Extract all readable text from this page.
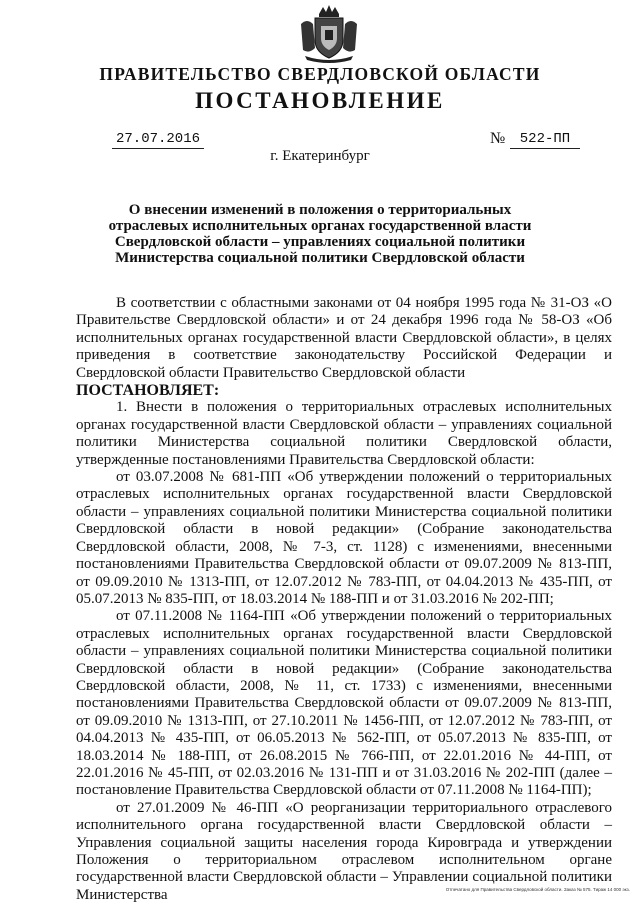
ПРАВИТЕЛЬСТВО СВЕРДЛОВСКОЙ ОБЛАСТИ
ПОСТАНОВЛЕНИЕ
27.07.2016	№	522-ПП
г. Екатеринбург
О внесении изменений в положения о территориальных отраслевых исполнительных органах государственной власти Свердловской области – управлениях социальной политики Министерства социальной политики Свердловской области

В соответствии с областными законами от 04 ноября 1995 года № 31-ОЗ «О Правительстве Свердловской области» и от 24 декабря 1996 года № 58-ОЗ «Об исполнительных органах государственной власти Свердловской области», в целях приведения в соответствие законодательству Российской Федерации и Свердловской области Правительство Свердловской области

ПОСТАНОВЛЯЕТ:

1. Внести в положения о территориальных отраслевых исполнительных органах государственной власти Свердловской области – управлениях социальной политики Министерства социальной политики Свердловской области, утвержденные постановлениями Правительства Свердловской области:

от 03.07.2008 № 681-ПП «Об утверждении положений о территориальных отраслевых исполнительных органах государственной власти Свердловской области – управлениях социальной политики Министерства социальной политики Свердловской области в новой редакции» (Собрание законодательства Свердловской области, 2008, № 7-3, ст. 1128) с изменениями, внесенными постановлениями Правительства Свердловской области от 09.07.2009 № 813-ПП, от 09.09.2010 № 1313-ПП, от 12.07.2012 № 783-ПП, от 04.04.2013 № 435-ПП, от 05.07.2013 № 835-ПП, от 18.03.2014 № 188-ПП и от 31.03.2016 № 202-ПП;

от 07.11.2008 № 1164-ПП «Об утверждении положений о территориальных отраслевых исполнительных органах государственной власти Свердловской области – управлениях социальной политики Министерства социальной политики Свердловской области в новой редакции» (Собрание законодательства Свердловской области, 2008, № 11, ст. 1733) с изменениями, внесенными постановлениями Правительства Свердловской области от 09.07.2009 № 813-ПП, от 09.09.2010 № 1313-ПП, от 27.10.2011 № 1456-ПП, от 12.07.2012 № 783-ПП, от 04.04.2013 № 435-ПП, от 06.05.2013 № 562-ПП, от 05.07.2013 № 835-ПП, от 18.03.2014 № 188-ПП, от 26.08.2015 № 766-ПП, от 22.01.2016 № 44-ПП, от 22.01.2016 № 45-ПП, от 02.03.2016 № 131-ПП и от 31.03.2016 № 202-ПП (далее – постановление Правительства Свердловской области от 07.11.2008 № 1164-ПП);

от 27.01.2009 № 46-ПП «О реорганизации территориального отраслевого исполнительного органа государственной власти Свердловской области – Управления социальной защиты населения города Кировграда и утверждении Положения о территориальном отраслевом исполнительном органе государственной власти Свердловской области – Управлении социальной политики Министерства	Отпечатано для Правительства Свердловской области. Заказ № 575. Тираж 14 000 экз.
